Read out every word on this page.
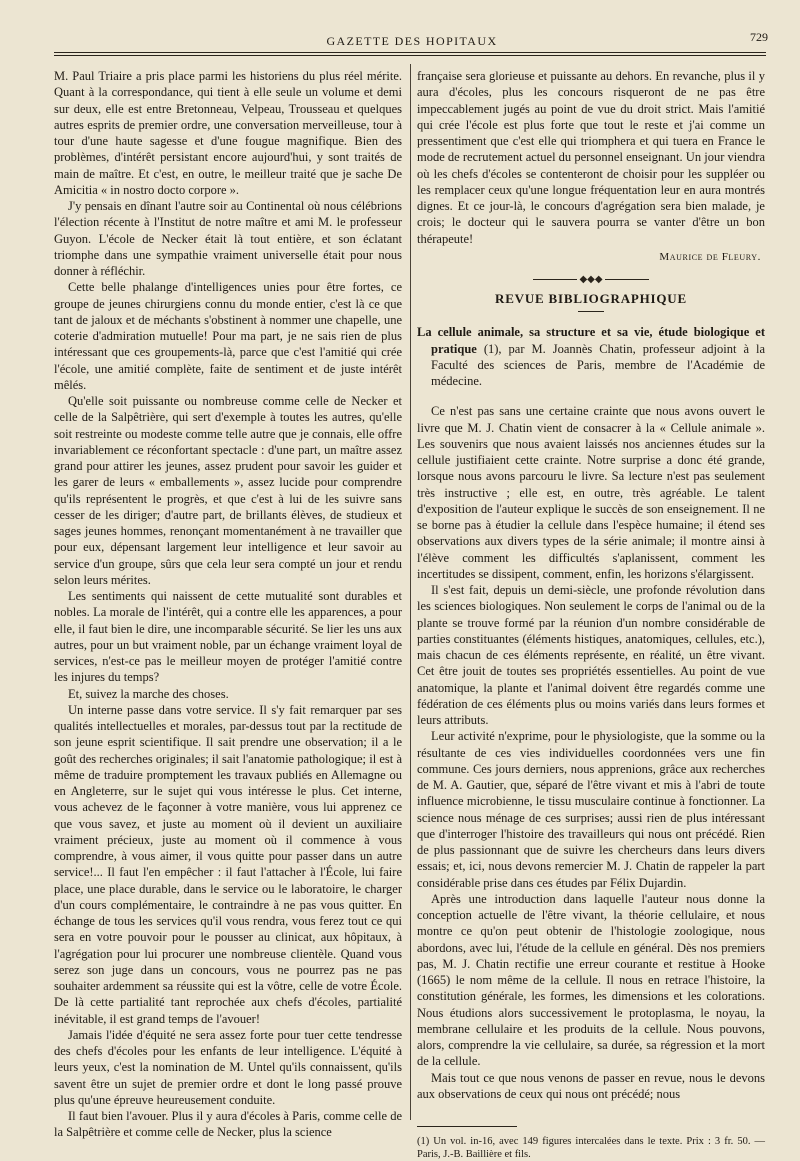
GAZETTE DES HOPITAUX	729

M. Paul Triaire a pris place parmi les historiens du plus réel mérite. Quant à la correspondance, qui tient à elle seule un volume et demi sur deux, elle est entre Bretonneau, Velpeau, Trousseau et quelques autres esprits de premier ordre, une conversation merveilleuse, tour à tour d'une haute sagesse et d'une fougue magnifique. Bien des problèmes, d'intérêt persistant encore aujourd'hui, y sont traités de main de maître. Et c'est, en outre, le meilleur traité que je sache De Amicitia « in nostro docto corpore ».

J'y pensais en dînant l'autre soir au Continental où nous célébrions l'élection récente à l'Institut de notre maître et ami M. le professeur Guyon. L'école de Necker était là tout entière, et son éclatant triomphe dans une sympathie vraiment universelle était pour nous donner à réfléchir.

Cette belle phalange d'intelligences unies pour être fortes, ce groupe de jeunes chirurgiens connu du monde entier, c'est là ce que tant de jaloux et de méchants s'obstinent à nommer une chapelle, une coterie d'admiration mutuelle! Pour ma part, je ne sais rien de plus intéressant que ces groupements-là, parce que c'est l'amitié qui crée l'école, une amitié complète, faite de sentiment et de juste intérêt mêlés.

Qu'elle soit puissante ou nombreuse comme celle de Necker et celle de la Salpêtrière, qui sert d'exemple à toutes les autres, qu'elle soit restreinte ou modeste comme telle autre que je connais, elle offre invariablement ce réconfortant spectacle : d'une part, un maître assez grand pour attirer les jeunes, assez prudent pour savoir les guider et les garer de leurs « emballements », assez lucide pour comprendre qu'ils représentent le progrès, et que c'est à lui de les suivre sans cesser de les diriger; d'autre part, de brillants élèves, de studieux et sages jeunes hommes, renonçant momentanément à ne travailler que pour eux, dépensant largement leur intelligence et leur savoir au service d'un groupe, sûrs que cela leur sera compté un jour et rendu selon leurs mérites.

Les sentiments qui naissent de cette mutualité sont durables et nobles. La morale de l'intérêt, qui a contre elle les apparences, a pour elle, il faut bien le dire, une incomparable sécurité. Se lier les uns aux autres, pour un but vraiment noble, par un échange vraiment loyal de services, n'est-ce pas le meilleur moyen de protéger l'amitié contre les injures du temps?

Et, suivez la marche des choses.

Un interne passe dans votre service. Il s'y fait remarquer par ses qualités intellectuelles et morales, par-dessus tout par la rectitude de son jeune esprit scientifique. Il sait prendre une observation; il a le goût des recherches originales; il sait l'anatomie pathologique; il est à même de traduire promptement les travaux publiés en Allemagne ou en Angleterre, sur le sujet qui vous intéresse le plus. Cet interne, vous achevez de le façonner à votre manière, vous lui apprenez ce que vous savez, et juste au moment où il devient un auxiliaire vraiment précieux, juste au moment où il commence à vous comprendre, à vous aimer, il vous quitte pour passer dans un autre service!... Il faut l'en empêcher : il faut l'attacher à l'École, lui faire place, une place durable, dans le service ou le laboratoire, le charger d'un cours complémentaire, le contraindre à ne pas vous quitter. En échange de tous les services qu'il vous rendra, vous ferez tout ce qui sera en votre pouvoir pour le pousser au clinicat, aux hôpitaux, à l'agrégation pour lui procurer une nombreuse clientèle. Quand vous serez son juge dans un concours, vous ne pourrez pas ne pas souhaiter ardemment sa réussite qui est la vôtre, celle de votre École. De là cette partialité tant reprochée aux chefs d'écoles, partialité inévitable, il est grand temps de l'avouer!

Jamais l'idée d'équité ne sera assez forte pour tuer cette tendresse des chefs d'écoles pour les enfants de leur intelligence. L'équité à leurs yeux, c'est la nomination de M. Untel qu'ils connaissent, qu'ils savent être un sujet de premier ordre et dont le long passé prouve plus qu'une épreuve heureusement conduite.

Il faut bien l'avouer. Plus il y aura d'écoles à Paris, comme celle de la Salpêtrière et comme celle de Necker, plus la science

française sera glorieuse et puissante au dehors. En revanche, plus il y aura d'écoles, plus les concours risqueront de ne pas être impeccablement jugés au point de vue du droit strict. Mais l'amitié qui crée l'école est plus forte que tout le reste et j'ai comme un pressentiment que c'est elle qui triomphera et qui tuera en France le mode de recrutement actuel du personnel enseignant. Un jour viendra où les chefs d'écoles se contenteront de choisir pour les suppléer ou les remplacer ceux qu'une longue fréquentation leur en aura montrés dignes. Et ce jour-là, le concours d'agrégation sera bien malade, je crois; le docteur qui le sauvera pourra se vanter d'être un bon thérapeute!

Maurice de Fleury.
◆◆◆
REVUE BIBLIOGRAPHIQUE

La cellule animale, sa structure et sa vie, étude biologique et pratique (1), par M. Joannès Chatin, professeur adjoint à la Faculté des sciences de Paris, membre de l'Académie de médecine.

Ce n'est pas sans une certaine crainte que nous avons ouvert le livre que M. J. Chatin vient de consacrer à la « Cellule animale ». Les souvenirs que nous avaient laissés nos anciennes études sur la cellule justifiaient cette crainte. Notre surprise a donc été grande, lorsque nous avons parcouru le livre. Sa lecture n'est pas seulement très instructive ; elle est, en outre, très agréable. Le talent d'exposition de l'auteur explique le succès de son enseignement. Il ne se borne pas à étudier la cellule dans l'espèce humaine; il étend ses observations aux divers types de la série animale; il montre ainsi à l'élève comment les difficultés s'aplanissent, comment les incertitudes se dissipent, comment, enfin, les horizons s'élargissent.

Il s'est fait, depuis un demi-siècle, une profonde révolution dans les sciences biologiques. Non seulement le corps de l'animal ou de la plante se trouve formé par la réunion d'un nombre considérable de parties constituantes (éléments histiques, anatomiques, cellules, etc.), mais chacun de ces éléments représente, en réalité, un être vivant. Cet être jouit de toutes ses propriétés essentielles. Au point de vue anatomique, la plante et l'animal doivent être regardés comme une fédération de ces éléments plus ou moins variés dans leurs formes et leurs attributs.

Leur activité n'exprime, pour le physiologiste, que la somme ou la résultante de ces vies individuelles coordonnées vers une fin commune. Ces jours derniers, nous apprenions, grâce aux recherches de M. A. Gautier, que, séparé de l'être vivant et mis à l'abri de toute influence microbienne, le tissu musculaire continue à fonctionner. La science nous ménage de ces surprises; aussi rien de plus intéressant que d'interroger l'histoire des travailleurs qui nous ont précédé. Rien de plus passionnant que de suivre les chercheurs dans leurs divers essais; et, ici, nous devons remercier M. J. Chatin de rappeler la part considérable prise dans ces études par Félix Dujardin.

Après une introduction dans laquelle l'auteur nous donne la conception actuelle de l'être vivant, la théorie cellulaire, et nous montre ce qu'on peut obtenir de l'histologie zoologique, nous abordons, avec lui, l'étude de la cellule en général. Dès nos premiers pas, M. J. Chatin rectifie une erreur courante et restitue à Hooke (1665) le nom même de la cellule. Il nous en retrace l'histoire, la constitution générale, les formes, les dimensions et les colorations. Nous étudions alors successivement le protoplasma, le noyau, la membrane cellulaire et les produits de la cellule. Nous pouvons, alors, comprendre la vie cellulaire, sa durée, sa régression et la mort de la cellule.

Mais tout ce que nous venons de passer en revue, nous le devons aux observations de ceux qui nous ont précédé; nous

(1) Un vol. in-16, avec 149 figures intercalées dans le texte. Prix : 3 fr. 50. — Paris, J.-B. Baillière et fils.
